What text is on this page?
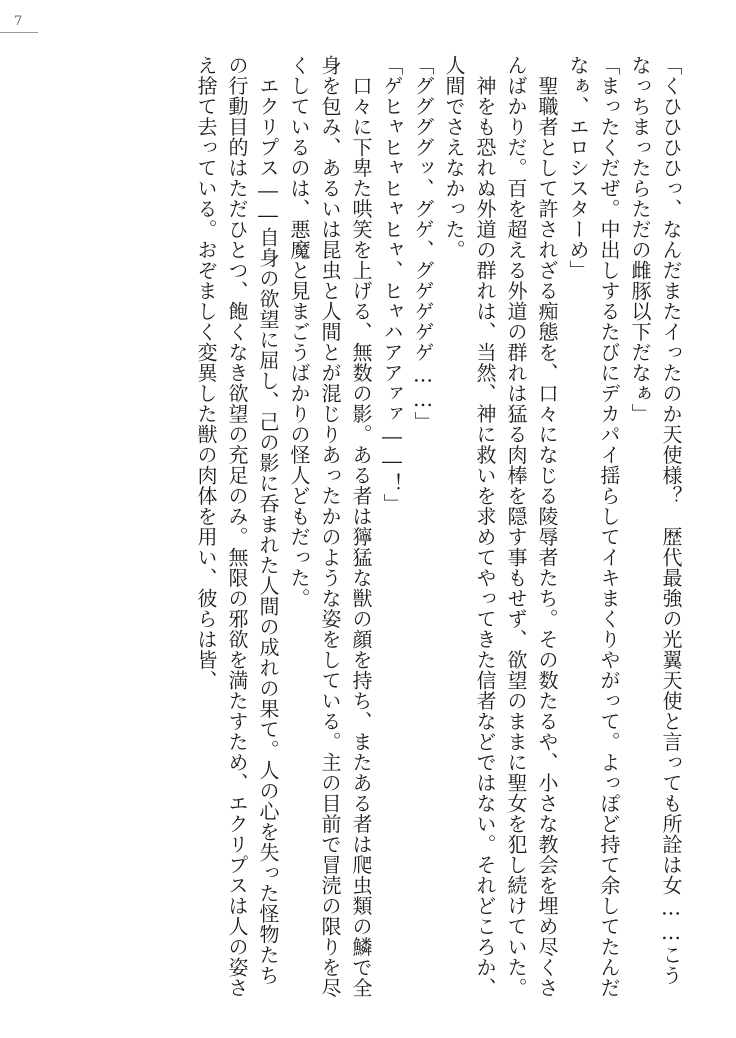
7

「くひひひひっ、なんだまたイったのか天使様？　歴代最強の光翼天使と言っても所詮は女……こうなっちまったらただの雌豚以下だなぁ」

「まったくだぜ。中出しするたびにデカパイ揺らしてイキまくりやがって。よっぽど持て余してたんだなぁ、エロシスターめ」

　聖職者として許されざる痴態を、口々になじる陵辱者たち。その数たるや、小さな教会を埋め尽くさんばかりだ。百を超える外道の群れは猛る肉棒を隠す事もせず、欲望のままに聖女を犯し続けていた。

　神をも恐れぬ外道の群れは、当然、神に救いを求めてやってきた信者などではない。それどころか、人間でさえなかった。

「ググググッ、グゲ、グゲゲゲゲ……」

「ゲヒャヒャヒャヒャ、ヒャハアアァァ――！」

　口々に下卑た哄笑を上げる、無数の影。ある者は獰猛な獣の顔を持ち、またある者は爬虫類の鱗で全身を包み、あるいは昆虫と人間とが混じりあったかのような姿をしている。主の目前で冒涜の限りを尽くしているのは、悪魔と見まごうばかりの怪人どもだった。

　エクリプス――自身の欲望に屈し、己の影に呑まれた人間の成れの果て。人の心を失った怪物たちの行動目的はただひとつ、飽くなき欲望の充足のみ。無限の邪欲を満たすため、エクリプスは人の姿さえ捨て去っている。おぞましく変異した獣の肉体を用い、彼らは皆、
